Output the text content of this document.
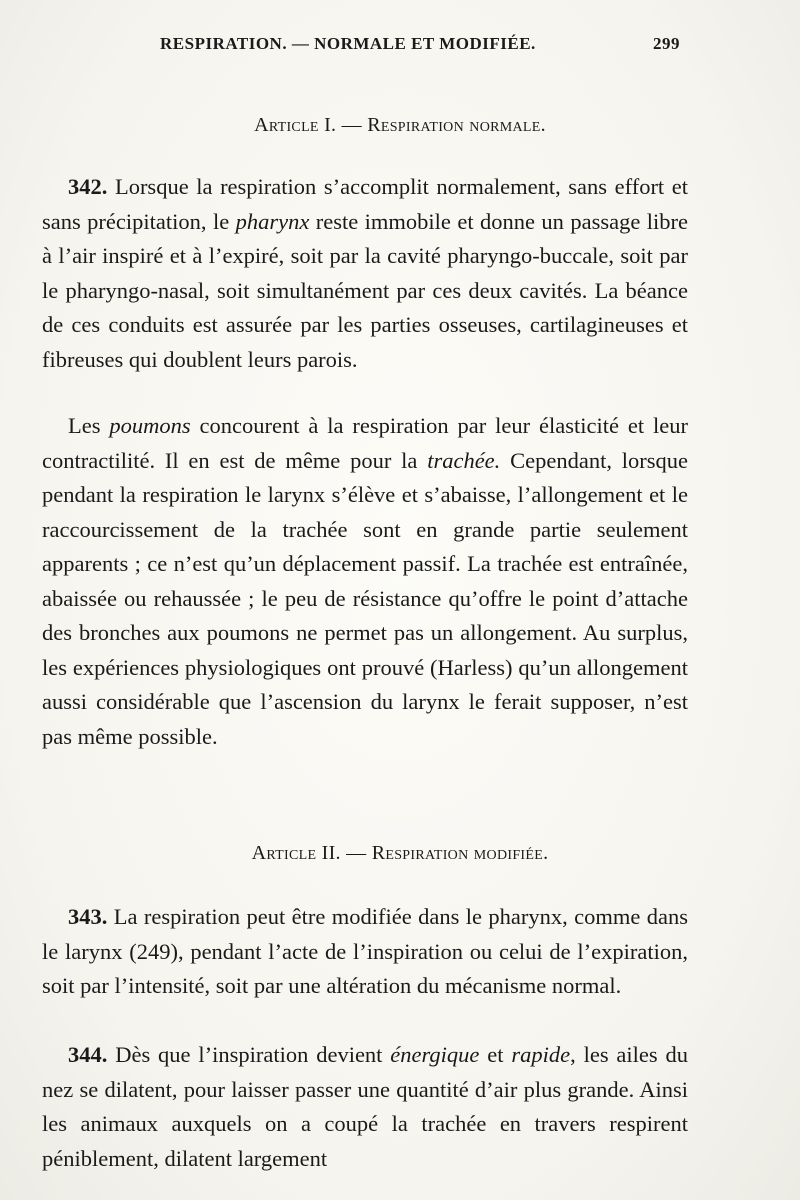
RESPIRATION. — NORMALE ET MODIFIÉE.	299
Article I. — Respiration normale.
342. Lorsque la respiration s’accomplit normalement, sans effort et sans précipitation, le pharynx reste immobile et donne un passage libre à l’air inspiré et à l’expiré, soit par la cavité pharyngo-buccale, soit par le pharyngo-nasal, soit simultanément par ces deux cavités. La béance de ces conduits est assurée par les parties osseuses, cartilagineuses et fibreuses qui doublent leurs parois.
Les poumons concourent à la respiration par leur élasticité et leur contractilité. Il en est de même pour la trachée. Cependant, lorsque pendant la respiration le larynx s’élève et s’abaisse, l’allongement et le raccourcissement de la trachée sont en grande partie seulement apparents ; ce n’est qu’un déplacement passif. La trachée est entraînée, abaissée ou rehaussée ; le peu de résistance qu’offre le point d’attache des bronches aux poumons ne permet pas un allongement. Au surplus, les expériences physiologiques ont prouvé (Harless) qu’un allongement aussi considérable que l’ascension du larynx le ferait supposer, n’est pas même possible.
Article II. — Respiration modifiée.
343. La respiration peut être modifiée dans le pharynx, comme dans le larynx (249), pendant l’acte de l’inspiration ou celui de l’expiration, soit par l’intensité, soit par une altération du mécanisme normal.
344. Dès que l’inspiration devient énergique et rapide, les ailes du nez se dilatent, pour laisser passer une quantité d’air plus grande. Ainsi les animaux auxquels on a coupé la trachée en travers respirent péniblement, dilatent largement
